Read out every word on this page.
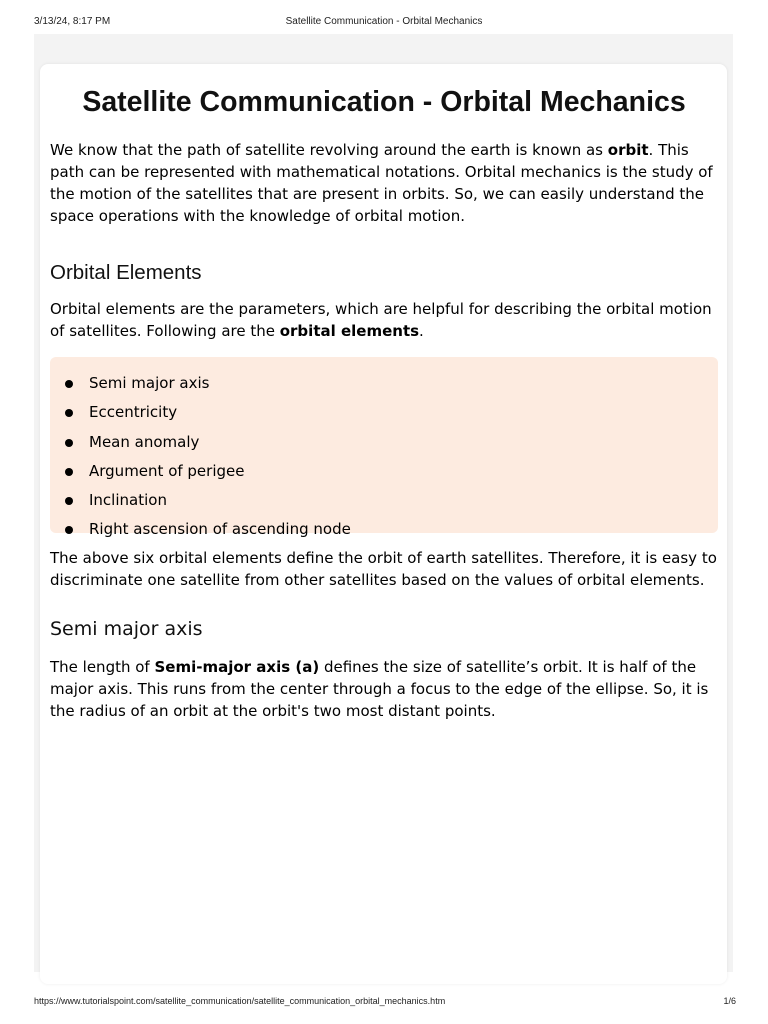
3/13/24, 8:17 PM	Satellite Communication - Orbital Mechanics
Satellite Communication - Orbital Mechanics

We know that the path of satellite revolving around the earth is known as orbit. This path can be represented with mathematical notations. Orbital mechanics is the study of the motion of the satellites that are present in orbits. So, we can easily understand the space operations with the knowledge of orbital motion.

Orbital Elements

Orbital elements are the parameters, which are helpful for describing the orbital motion of satellites. Following are the orbital elements.

Semi major axis
Eccentricity
Mean anomaly
Argument of perigee
Inclination
Right ascension of ascending node

The above six orbital elements define the orbit of earth satellites. Therefore, it is easy to discriminate one satellite from other satellites based on the values of orbital elements.

Semi major axis

The length of Semi-major axis (a) defines the size of satellite’s orbit. It is half of the major axis. This runs from the center through a focus to the edge of the ellipse. So, it is the radius of an orbit at the orbit's two most distant points.

https://www.tutorialspoint.com/satellite_communication/satellite_communication_orbital_mechanics.htm	1/6
